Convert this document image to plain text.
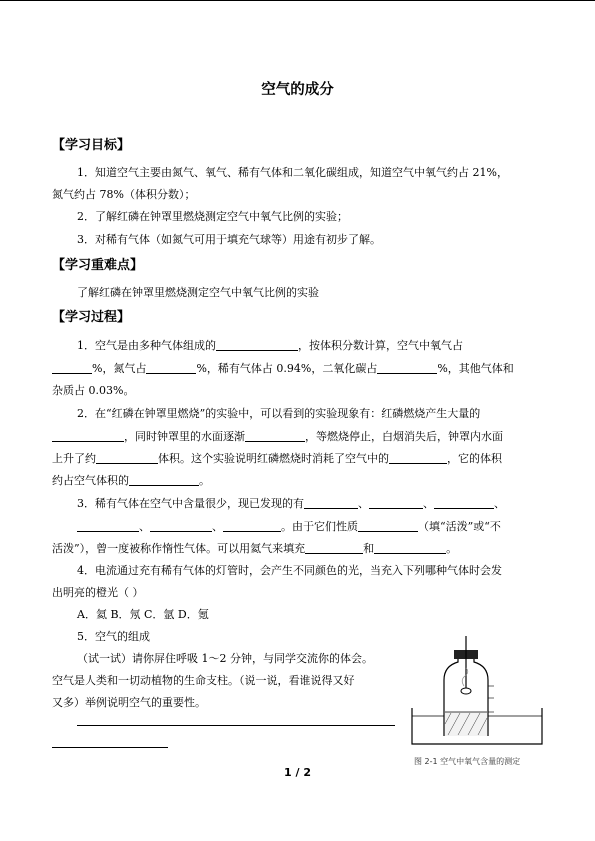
空气的成分
【学习目标】
1．知道空气主要由氮气、氧气、稀有气体和二氧化碳组成，知道空气中氧气约占 21%，
氮气约占 78%（体积分数）；
2．了解红磷在钟罩里燃烧测定空气中氧气比例的实验；
3．对稀有气体（如氮气可用于填充气球等）用途有初步了解。
【学习重难点】
了解红磷在钟罩里燃烧测定空气中氧气比例的实验
【学习过程】
1．空气是由多种气体组成的	，按体积分数计算，空气中氧气占
%，氮气占	%，稀有气体占 0.94%，二氧化碳占	%，其他气体和
杂质占 0.03%。
2．在“红磷在钟罩里燃烧”的实验中，可以看到的实验现象有：红磷燃烧产生大量的
，同时钟罩里的水面逐渐	，等燃烧停止，白烟消失后，钟罩内水面
上升了约	体积。这个实验说明红磷燃烧时消耗了空气中的	，它的体积
约占空气体积的	。
3．稀有气体在空气中含量很少，现已发现的有	、	、	、
、	、	。由于它们性质	（填“活泼”或“不
活泼”），曾一度被称作惰性气体。可以用氦气来填充	和	。
4．电流通过充有稀有气体的灯管时，会产生不同颜色的光，当充入下列哪种气体时会发
出明亮的橙光（ ）
A．氦 B．氖 C．氩 D．氪
5．空气的组成
（试一试）请你屏住呼吸 1～2 分钟，与同学交流你的体会。
空气是人类和一切动植物的生命支柱。（说一说，看谁说得又好
又多）举例说明空气的重要性。
图 2-1 空气中氧气含量的测定
1 / 2
